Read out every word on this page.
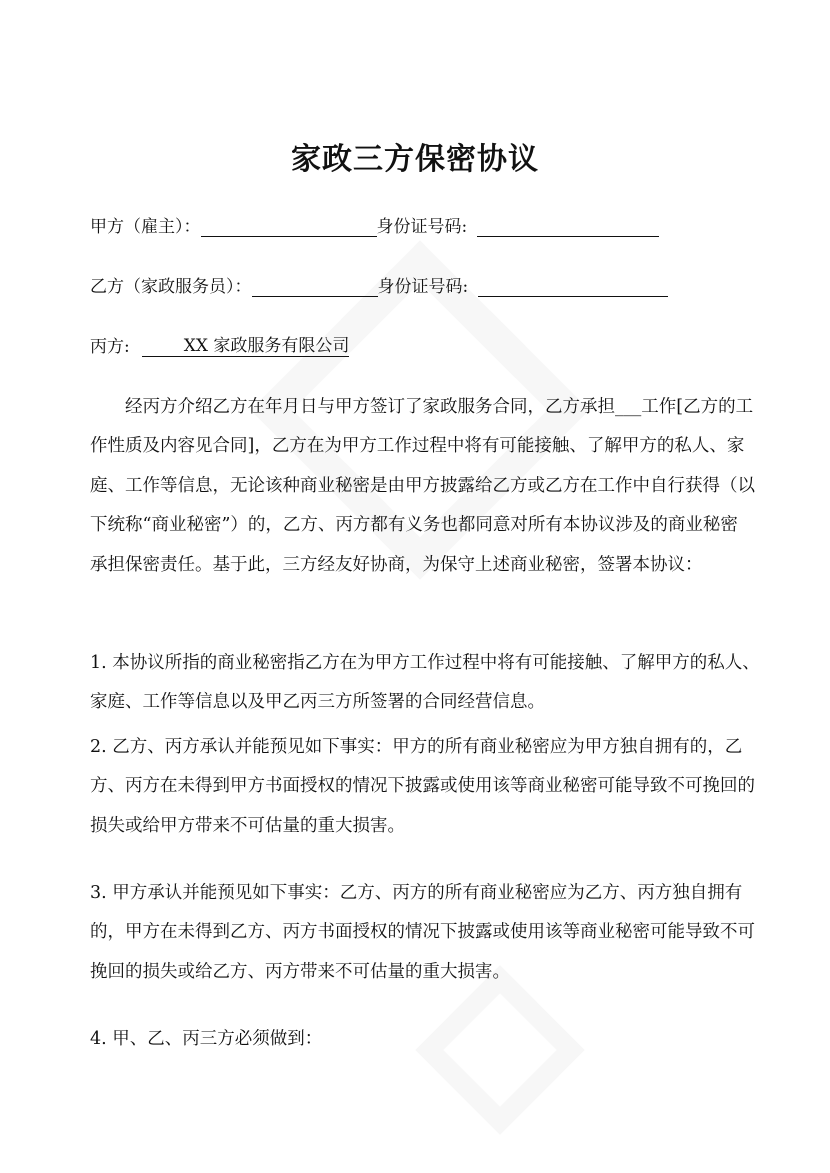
家政三方保密协议
甲方（雇主）：	身份证号码:
乙方（家政服务员）：	身份证号码:
丙方:	XX 家政服务有限公司
经丙方介绍乙方在年月日与甲方签订了家政服务合同，乙方承担___工作[乙方的工
作性质及内容见合同]，乙方在为甲方工作过程中将有可能接触、了解甲方的私人、家
庭、工作等信息，无论该种商业秘密是由甲方披露给乙方或乙方在工作中自行获得（以
下统称“商业秘密”）的，乙方、丙方都有义务也都同意对所有本协议涉及的商业秘密
承担保密责任。基于此，三方经友好协商，为保守上述商业秘密，签署本协议：
1. 本协议所指的商业秘密指乙方在为甲方工作过程中将有可能接触、了解甲方的私人、
家庭、工作等信息以及甲乙丙三方所签署的合同经营信息。
2. 乙方、丙方承认并能预见如下事实：甲方的所有商业秘密应为甲方独自拥有的，乙
方、丙方在未得到甲方书面授权的情况下披露或使用该等商业秘密可能导致不可挽回的
损失或给甲方带来不可估量的重大损害。
3. 甲方承认并能预见如下事实：乙方、丙方的所有商业秘密应为乙方、丙方独自拥有
的，甲方在未得到乙方、丙方书面授权的情况下披露或使用该等商业秘密可能导致不可
挽回的损失或给乙方、丙方带来不可估量的重大损害。
4. 甲、乙、丙三方必须做到：
